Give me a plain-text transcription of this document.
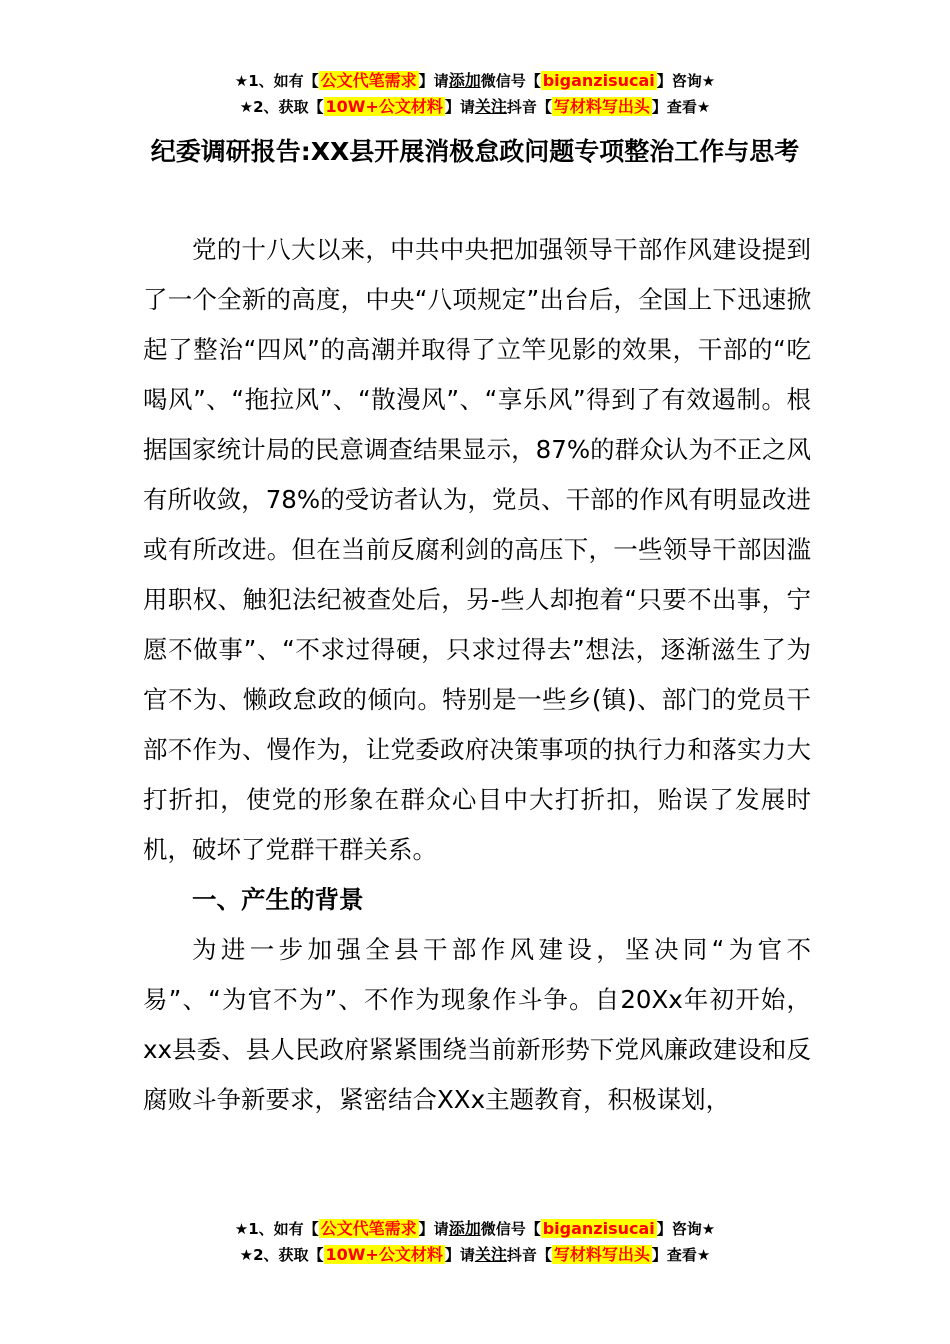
★1、如有【 公文代笔需求 】请添加微信号【 biganzisucai 】咨询★
★2、获取【 10W+公文材料 】请关注抖音【 写材料写出头 】查看★
纪委调研报告:XX县开展消极怠政问题专项整治工作与思考

党的十八大以来，中共中央把加强领导干部作风建设提到了一个全新的高度，中央“八项规定”出台后，全国上下迅速掀起了整治“四风”的高潮并取得了立竿见影的效果，干部的“吃喝风”、“拖拉风”、“散漫风”、“享乐风”得到了有效遏制。根据国家统计局的民意调查结果显示，87%的群众认为不正之风有所收敛，78%的受访者认为，党员、干部的作风有明显改进或有所改进。但在当前反腐利剑的高压下，一些领导干部因滥用职权、触犯法纪被查处后，另-些人却抱着“只要不出事，宁愿不做事”、“不求过得硬，只求过得去”想法，逐渐滋生了为官不为、懒政怠政的倾向。特别是一些乡(镇)、部门的党员干部不作为、慢作为，让党委政府决策事项的执行力和落实力大打折扣，使党的形象在群众心目中大打折扣，贻误了发展时机，破坏了党群干群关系。

一、产生的背景

为进一步加强全县干部作风建设，坚决同“为官不易”、“为官不为”、不作为现象作斗争。自20Xx年初开始，xx县委、县人民政府紧紧围绕当前新形势下党风廉政建设和反腐败斗争新要求，紧密结合XXx主题教育，积极谋划，

★1、如有【 公文代笔需求 】请添加微信号【 biganzisucai 】咨询★
★2、获取【 10W+公文材料 】请关注抖音【 写材料写出头 】查看★
